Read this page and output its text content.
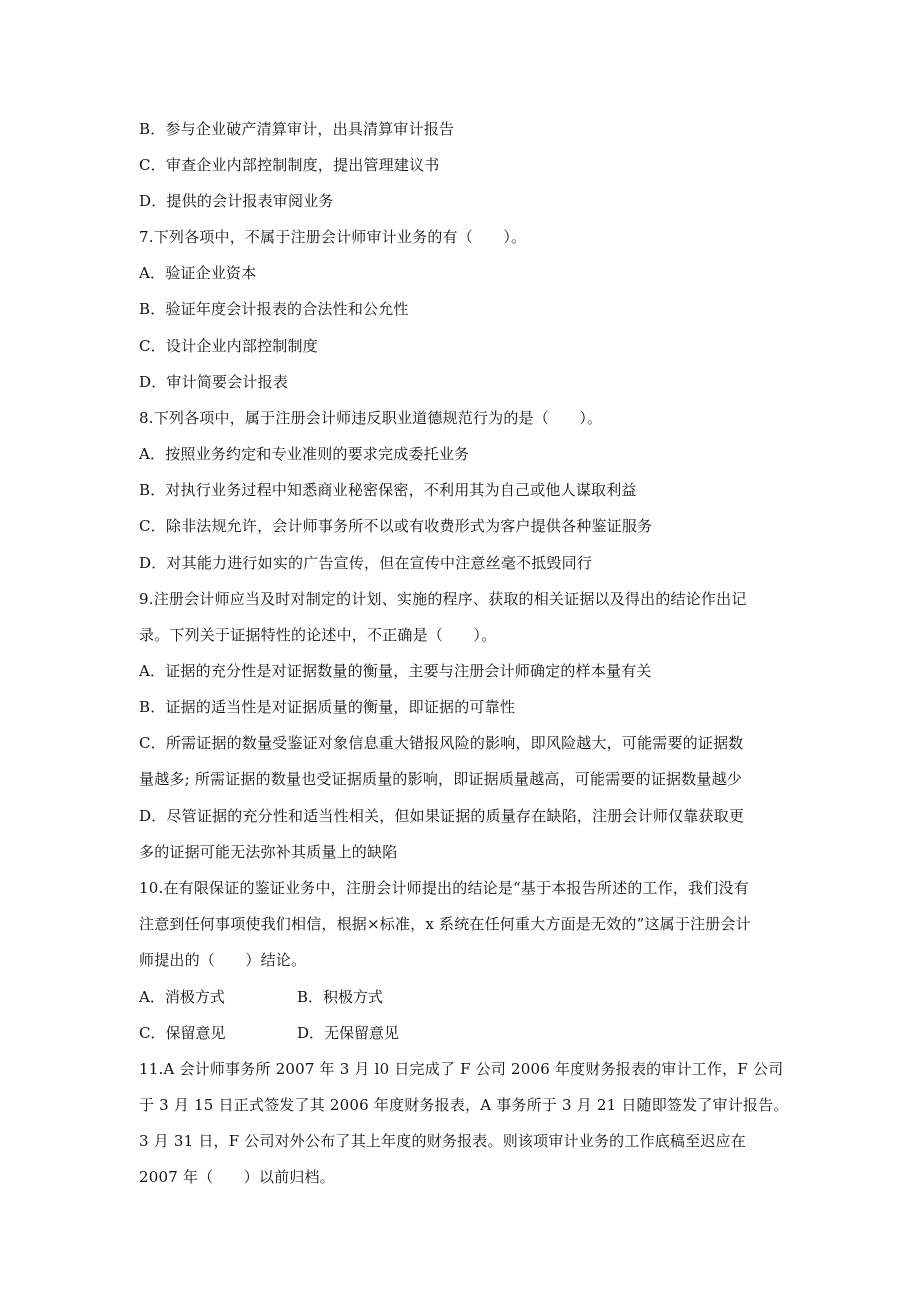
B．参与企业破产清算审计，出具清算审计报告
C．审查企业内部控制制度，提出管理建议书
D．提供的会计报表审阅业务
7.下列各项中，不属于注册会计师审计业务的有（　　）。
A．验证企业资本
B．验证年度会计报表的合法性和公允性
C．设计企业内部控制制度
D．审计简要会计报表
8.下列各项中，属于注册会计师违反职业道德规范行为的是（　　）。
A．按照业务约定和专业准则的要求完成委托业务
B．对执行业务过程中知悉商业秘密保密，不利用其为自己或他人谋取利益
C．除非法规允许，会计师事务所不以或有收费形式为客户提供各种鉴证服务
D．对其能力进行如实的广告宣传，但在宣传中注意丝毫不抵毁同行
9.注册会计师应当及时对制定的计划、实施的程序、获取的相关证据以及得出的结论作出记
录。下列关于证据特性的论述中，不正确是（　　）。
A．证据的充分性是对证据数量的衡量，主要与注册会计师确定的样本量有关
B．证据的适当性是对证据质量的衡量，即证据的可靠性
C．所需证据的数量受鉴证对象信息重大错报风险的影响，即风险越大，可能需要的证据数
量越多; 所需证据的数量也受证据质量的影响，即证据质量越高，可能需要的证据数量越少
D．尽管证据的充分性和适当性相关，但如果证据的质量存在缺陷，注册会计师仅靠获取更
多的证据可能无法弥补其质量上的缺陷
10.在有限保证的鉴证业务中，注册会计师提出的结论是“基于本报告所述的工作，我们没有
注意到任何事项使我们相信，根据×标准，x 系统在任何重大方面是无效的”这属于注册会计
师提出的（　　）结论。
A．消极方式	B．积极方式
C．保留意见	D．无保留意见
11.A 会计师事务所 2007 年 3 月 l0 日完成了 F 公司 2006 年度财务报表的审计工作，F 公司
于 3 月 15 日正式签发了其 2006 年度财务报表，A 事务所于 3 月 21 日随即签发了审计报告。
3 月 31 日，F 公司对外公布了其上年度的财务报表。则该项审计业务的工作底稿至迟应在
2007 年（　　）以前归档。
